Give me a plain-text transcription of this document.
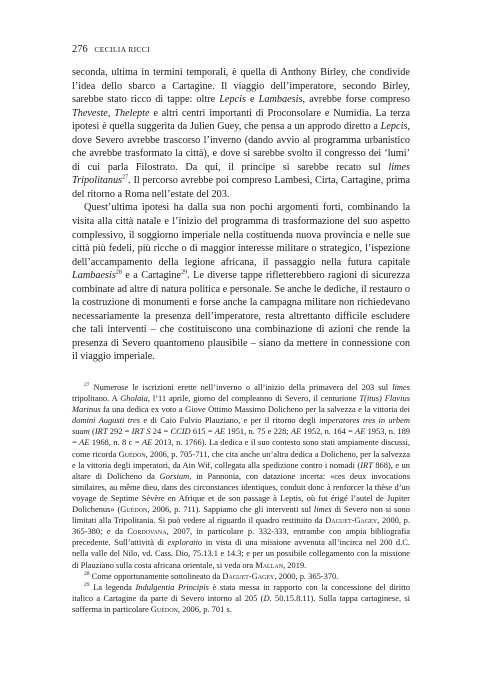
276 CECILIA RICCI

seconda, ultima in termini temporali, è quella di Anthony Birley, che condivide l’idea dello sbarco a Cartagine. Il viaggio dell’imperatore, secondo Birley, sarebbe stato ricco di tappe: oltre Lepcis e Lambaesis, avrebbe forse compreso Theveste, Thelepte e altri centri importanti di Proconsolare e Numidia. La terza ipotesi è quella suggerita da Julien Guey, che pensa a un approdo diretto a Lepcis, dove Severo avrebbe trascorso l’inverno (dando avvio al programma urbanistico che avrebbe trasformato la città), e dove si sarebbe svolto il congresso dei ‘lumi’ di cui parla Filostrato. Da qui, il principe si sarebbe recato sul limes Tripolitanus$^{27}$. Il percorso avrebbe poi compreso Lambesi, Cirta, Cartagine, prima del ritorno a Roma nell’estate del 203.

Quest’ultima ipotesi ha dalla sua non pochi argomenti forti, combinando la visita alla città natale e l’inizio del programma di trasformazione del suo aspetto complessivo, il soggiorno imperiale nella costituenda nuova provincia e nelle sue città più fedeli, più ricche o di maggior interesse militare o strategico, l’ispezione dell’accampamento della legione africana, il passaggio nella futura capitale Lambaesis$^{28}$ e a Cartagine$^{29}$. Le diverse tappe rifletterebbero ragioni di sicurezza combinate ad altre di natura politica e personale. Se anche le dediche, il restauro o la costruzione di monumenti e forse anche la campagna militare non richiedevano necessariamente la presenza dell’imperatore, resta altrettanto difficile escludere che tali interventi – che costituiscono una combinazione di azioni che rende la presenza di Severo quantomeno plausibile – siano da mettere in connessione con il viaggio imperiale.

$^{27}$ Numerose le iscrizioni erette nell’inverno o all’inizio della primavera del 203 sul limes tripolitano. A Gholaia, l’11 aprile, giorno del compleanno di Severo, il centurione T(itus) Flavius Marinus fa una dedica ex voto a Giove Ottimo Massimo Dolicheno per la salvezza e la vittoria dei domini Augusti tres e di Caio Fulvio Plauziano, e per il ritorno degli imperatores tres in urbem suam (IRT 292 = IRT S 24 = CCID 615 = AE 1951, n. 75 e 228; AE 1952, n. 164 = AE 1953, n. 189 = AE 1968, n. 8 c = AE 2013, n. 1766). La dedica e il suo contesto sono stati ampiamente discussi, come ricorda Guédon, 2006, p. 705-711, che cita anche un’altra dedica a Dolicheno, per la salvezza e la vittoria degli imperatori, da Ain Wif, collegata alla spedizione contro i nomadi (IRT 868), e un altare di Dolicheno da Gorsium, in Pannonia, con datazione incerta: «ces deux invocations similaires, au même dieu, dans des circonstances identiques, conduit donc à renforcer la thèse d’un voyage de Septime Sévère en Afrique et de son passage à Leptis, où fut érigé l’autel de Jupiter Dolichenus» (Guédon, 2006, p. 711). Sappiamo che gli interventi sul limes di Severo non si sono limitati alla Tripolitania. Si può vedere al riguardo il quadro restituito da Daguet-Gagey, 2000, p. 365-380; e da Cordovana, 2007, in particolare p. 332-333, entrambe con ampia bibliografia precedente. Sull’attività di exploratio in vista di una missione avvenuta all’incirca nel 200 d.C. nella valle del Nilo, vd. Cass. Dio, 75.13.1 e 14.3; e per un possibile collegamento con la missione di Plauziano sulla costa africana orientale, si veda ora Mallan, 2019.

$^{28}$ Come opportunamente sottolineato da Daguet-Gagey, 2000, p. 365-370.

$^{29}$ La legenda Indulgentia Principis è stata messa in rapporto con la concessione del diritto italico a Cartagine da parte di Severo intorno al 205 (D. 50.15.8.11). Sulla tappa cartaginese, si sofferma in particolare Guédon, 2006, p. 701 s.
